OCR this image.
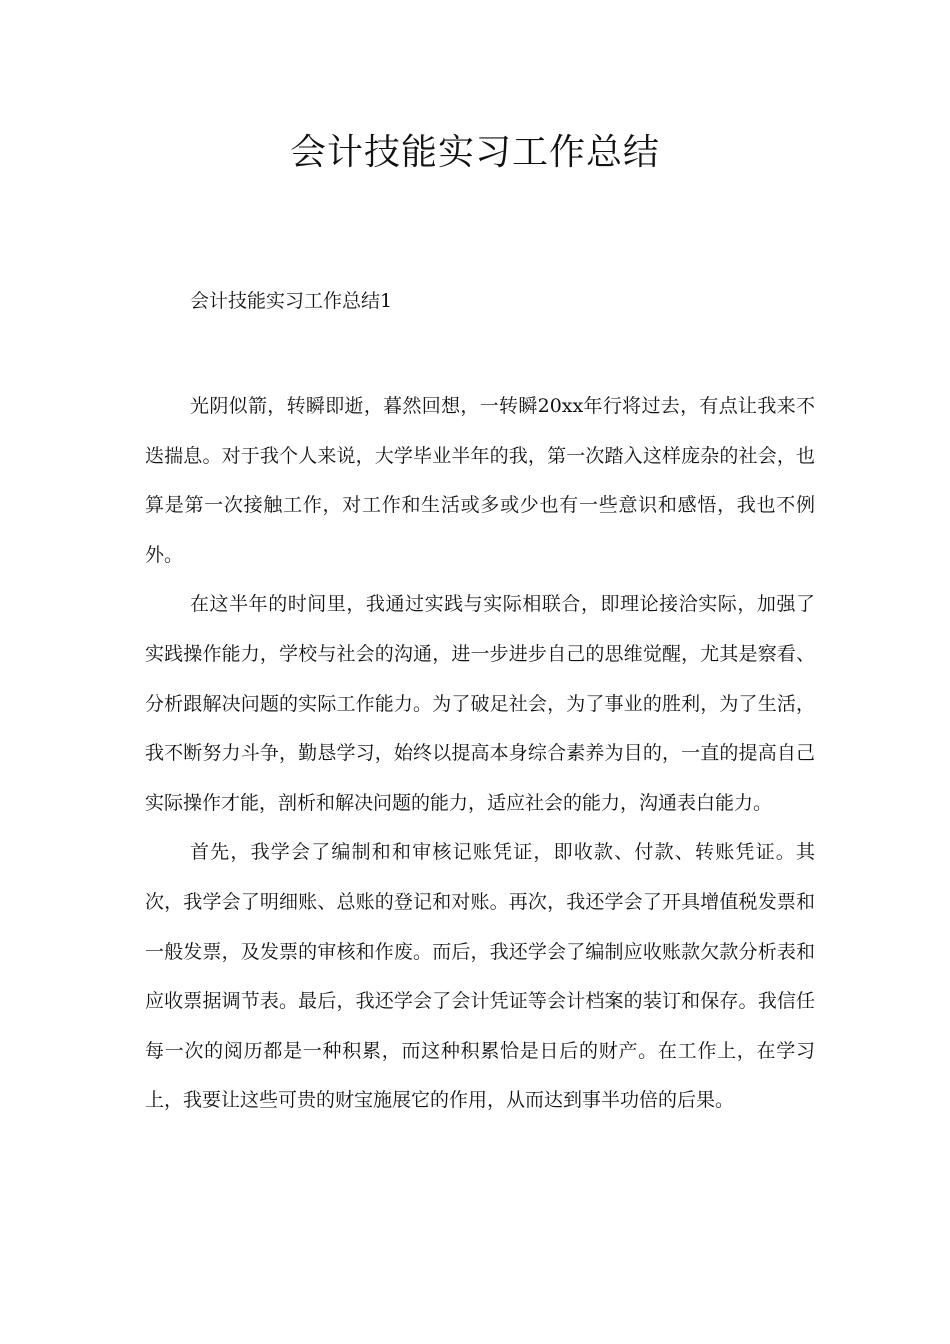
会计技能实习工作总结
会计技能实习工作总结1

光阴似箭，转瞬即逝，暮然回想，一转瞬20xx年行将过去，有点让我来不迭揣息。对于我个人来说，大学毕业半年的我，第一次踏入这样庞杂的社会，也算是第一次接触工作，对工作和生活或多或少也有一些意识和感悟，我也不例外。

在这半年的时间里，我通过实践与实际相联合，即理论接洽实际，加强了实践操作能力，学校与社会的沟通，进一步进步自己的思维觉醒，尤其是察看、分析跟解决问题的实际工作能力。为了破足社会，为了事业的胜利，为了生活，我不断努力斗争，勤恳学习，始终以提高本身综合素养为目的，一直的提高自己实际操作才能，剖析和解决问题的能力，适应社会的能力，沟通表白能力。

首先，我学会了编制和和审核记账凭证，即收款、付款、转账凭证。其次，我学会了明细账、总账的登记和对账。再次，我还学会了开具增值税发票和一般发票，及发票的审核和作废。而后，我还学会了编制应收账款欠款分析表和应收票据调节表。最后，我还学会了会计凭证等会计档案的装订和保存。我信任每一次的阅历都是一种积累，而这种积累恰是日后的财产。在工作上，在学习上，我要让这些可贵的财宝施展它的作用，从而达到事半功倍的后果。
